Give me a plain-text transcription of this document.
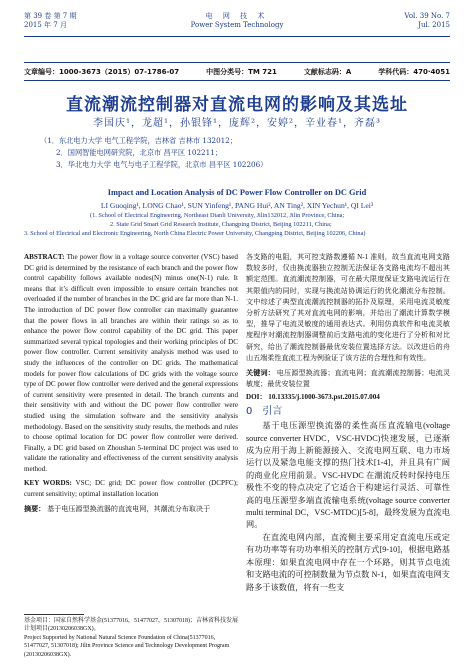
第 39 卷 第 7 期
2015 年 7 月
电 网 技 术
Power System Technology
Vol. 39 No. 7
Jul. 2015
文章编号：1000-3673（2015）07-1786-07	中图分类号：TM 721	文献标志码：A	学科代码：470·4051
直流潮流控制器对直流电网的影响及其选址
李国庆¹，龙超¹，孙银锋¹，庞辉²，安婷²，辛业春¹，齐磊³
（1．东北电力大学 电气工程学院，吉林省 吉林市 132012；
2．国网智能电网研究院，北京市 昌平区 102211；
3．华北电力大学 电气与电子工程学院，北京市 昌平区 102206）
Impact and Location Analysis of DC Power Flow Controller on DC Grid
LI Guoqing¹, LONG Chao¹, SUN Yinfeng¹, PANG Hui², AN Ting², XIN Yechun¹, QI Lei³
(1. School of Electrical Engineering, Northeast Dianli University, Jilin132012, Jilin Province, China;
2. State Grid Smart Grid Research Institute, Changping District, Beijing 102211, China;
3. School of Electrical and Electronic Engineering, North China Electric Power University, Changping District, Beijing 102206, China)

ABSTRACT: The power flow in a voltage source converter (VSC) based DC grid is determined by the resistance of each branch and the power flow control capability follows available nodes(N) minus one(N-1) rule. It means that it’s difficult even impossible to ensure certain branches not overloaded if the number of branches in the DC grid are far more than N-1. The introduction of DC power flow controller can maximally guarantee that the power flows in all branches are within their ratings so as to enhance the power flow control capability of the DC grid. This paper summarized several typical topologies and their working principles of DC power flow controller. Current sensitivity analysis method was used to study the influences of the controller on DC grids. The mathematical models for power flow calculations of DC grids with the voltage source type of DC power flow controller were derived and the general expressions of current sensitivity were presented in detail. The branch currents and their sensitivity with and without the DC power flow controller were studied using the simulation software and the sensitivity analysis methodology. Based on the sensitivity study results, the methods and rules to choose optimal location for DC power flow controller were derived. Finally, a DC grid based on Zhoushan 5-terminal DC project was used to validate the rationality and effectiveness of the current sensitivity analysis method.

KEY WORDS: VSC; DC grid; DC power flow controller (DCPFC); current sensitivity; optimal installation location

摘要： 基于电压源型换流器的直流电网，其潮流分布取决于

基金项目：国家自然科学基金(51377016，51477027，51307018)；吉林省科技发展计划项目(20130206038GX)。
Project Supported by National Natural Science Foundation of China(51377016, 51477027, 51307018); Jilin Province Science and Technology Development Program (20130206038GX).

各支路的电阻，其可控支路数遵循 N-1 准则，故当直流电网支路数较多时，仅由换流器独立控制无法保证各支路电流均不超出其额定范围。直流潮流控制器，可在最大限度保证支路电流运行在其限值内的同时，实现与换流站协调运行的优化潮流分布控制。文中综述了典型直流潮流控制器的拓扑及原理，采用电流灵敏度分析方法研究了其对直流电网的影响，并给出了潮流计算数学模型，推导了电流灵敏度的通用表达式。利用仿真软件和电流灵敏度程序对潮流控制器调整前后支路电流的变化进行了分析和对比研究，给出了潮流控制器最优安装位置选择方法。以改进后的舟山五端柔性直流工程为例验证了该方法的合理性和有效性。

关键词： 电压源型换流器；直流电网；直流潮流控制器；电流灵敏度；最优安装位置

DOI： 10.13335/j.1000-3673.pst.2015.07.004

0　引言

基于电压源型换流器的柔性高压直流输电(voltage source converter HVDC，VSC-HVDC)快速发展，已逐渐成为应用于海上新能源接入、交流电网互联、电力市场运行以及紧急电能支撑的热门技术[1-4]，并且具有广阔的商业化应用前景。VSC-HVDC 在潮流反转时保持电压极性不变的特点决定了它适合于构建运行灵活、可靠性高的电压源型多端直流输电系统(voltage source converter multi terminal DC，VSC-MTDC)[5-8]，最终发展为直流电网。

在直流电网内部，直流侧主要采用定直流电压或定有功功率等有功功率相关的控制方式[9-10]，根据电路基本原理：如果直流电网中存在一个环路，则其节点电流和支路电流的可控制数量为节点数 N-1，如果直流电网支路多于该数值，将有一些支
